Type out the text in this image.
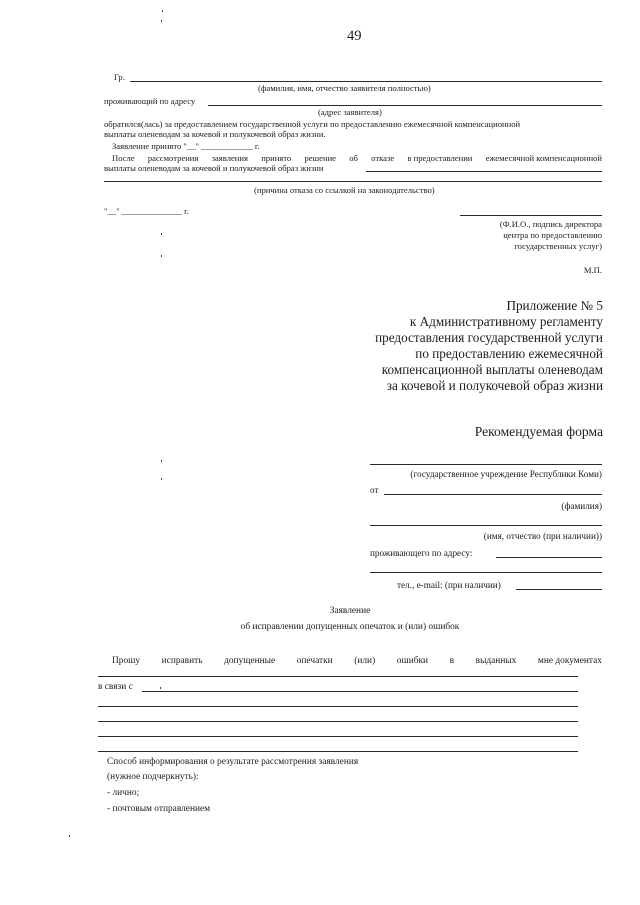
49
Гр.
(фамилия, имя, отчество заявителя полностью)
проживающий по адресу
(адрес заявителя)
обратился(лась) за предоставлением государственной услуги по предоставлению ежемесячной компенсационной
выплаты оленеводам за кочевой и полукочевой образ жизни.
Заявление принято "__" ____________ г.
После рассмотрения заявления принято решение об отказе в предоставлении ежемесячной компенсационной
выплаты оленеводам за кочевой и полукочевой образ жизни
(причина отказа со ссылкой на законодательство)
"__" ______________ г.
(Ф.И.О., подпись директора
центра по предоставлению
государственных услуг)
М.П.
Приложение № 5
к Административному регламенту
предоставления государственной услуги
по предоставлению ежемесячной
компенсационной выплаты оленеводам
за кочевой и полукочевой образ жизни
Рекомендуемая форма
(государственное учреждение Республики Коми)
от
(фамилия)
(имя, отчество (при наличии))
проживающего по адресу:
тел., e-mail: (при наличии)
Заявление
об исправлении допущенных опечаток и (или) ошибок
Прошу исправить допущенные опечатки (или) ошибки в выданных мне документах
в связи с
Способ информирования о результате рассмотрения заявления
(нужное подчеркнуть):
- лично;
- почтовым отправлением
